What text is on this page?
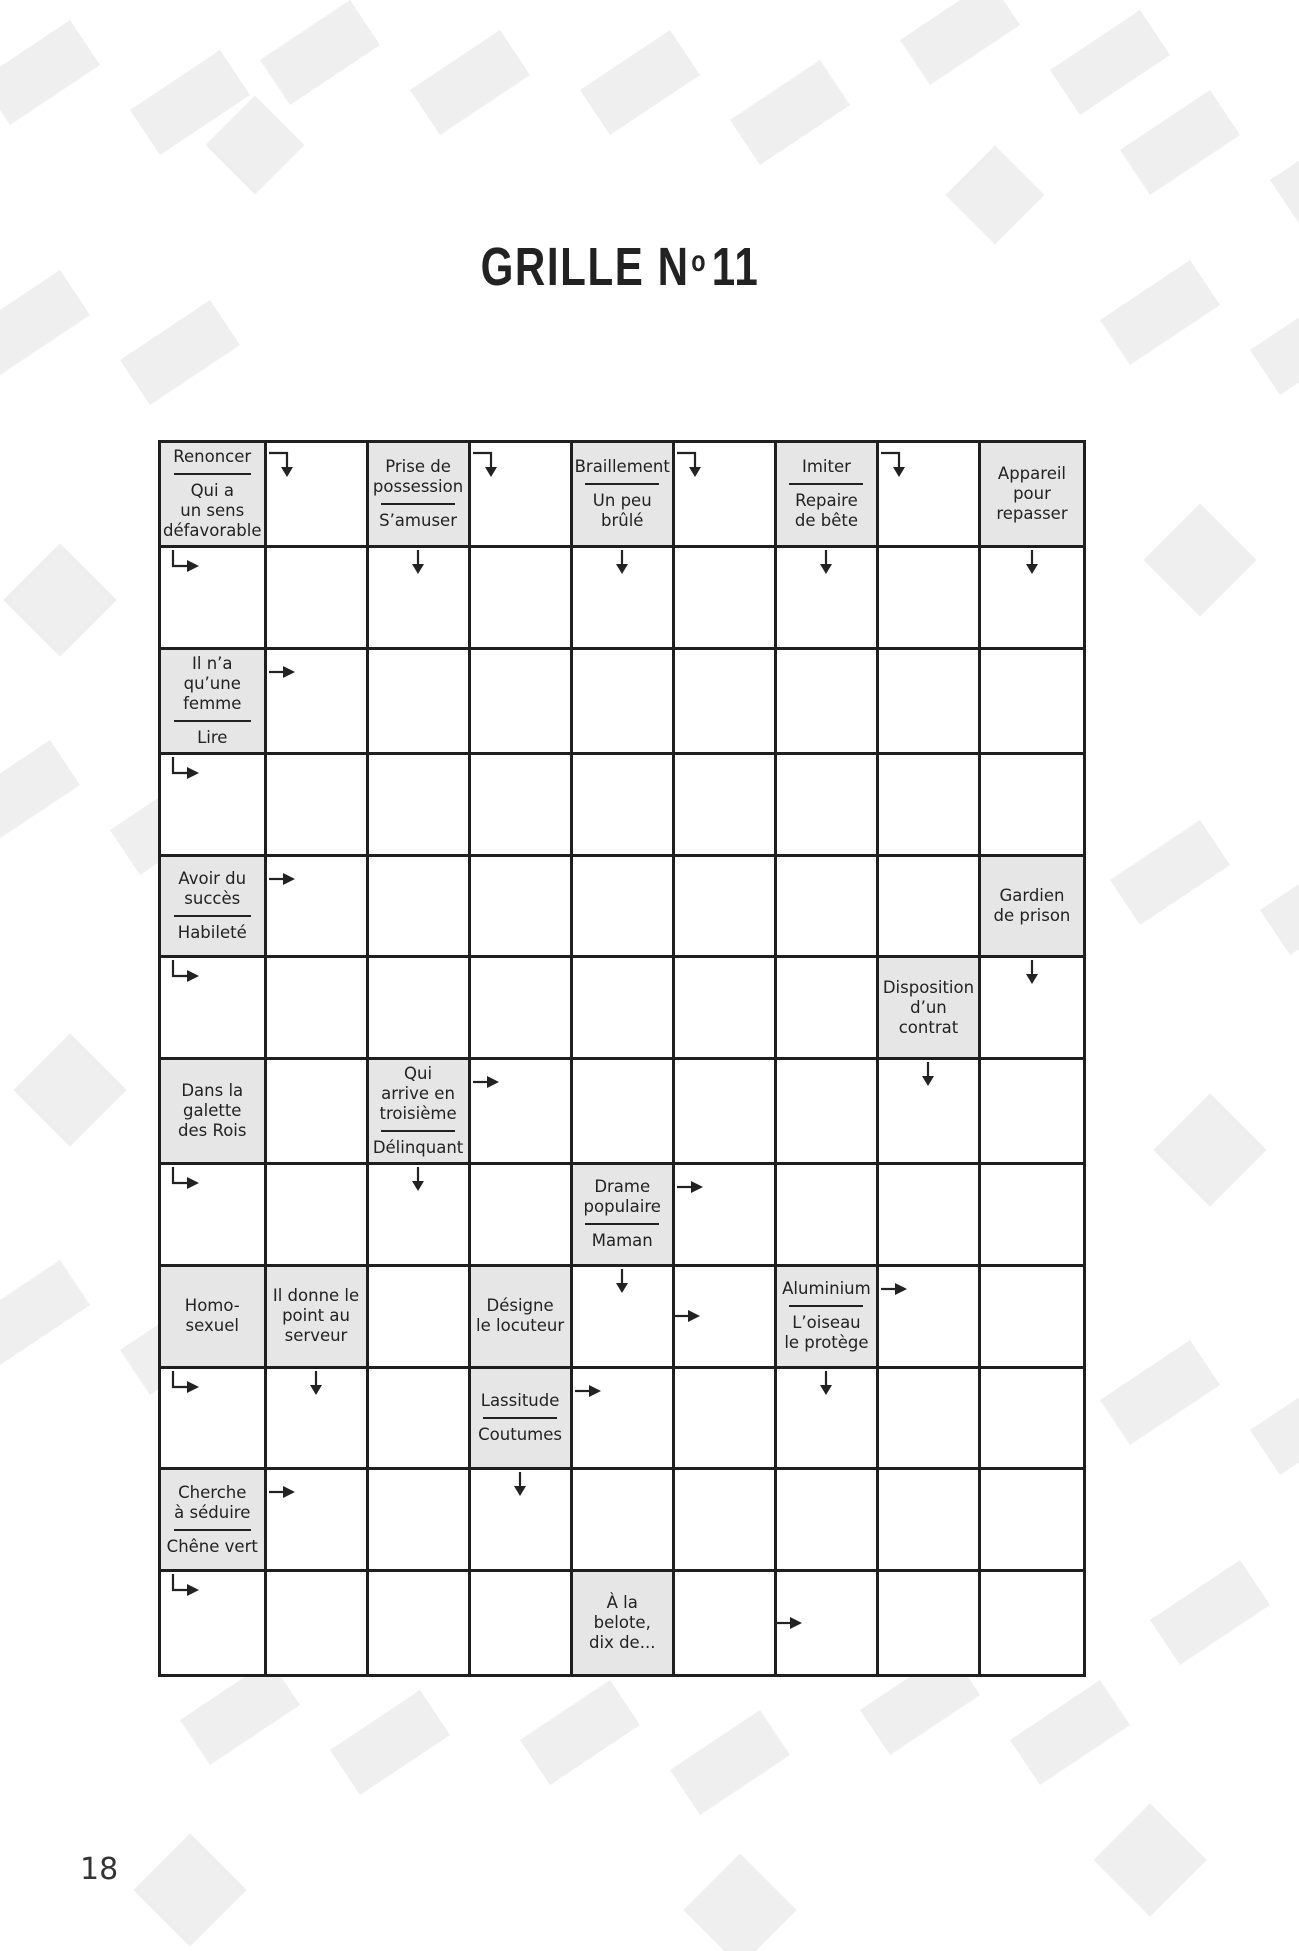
GRILLE $N^o11$
Renoncer
Qui a
un sens
défavorable
Prise de
possession
S’amuser
Braillement
Un peu
brûlé
Imiter
Repaire
de bête
Appareil
pour
repasser
Il n’a
qu’une
femme
Lire
Avoir du
succès
Habileté
Gardien
de prison
Disposition
d’un
contrat
Dans la
galette
des Rois
Qui
arrive en
troisième
Délinquant
Drame
populaire
Maman
Homo-
sexuel
Il donne le
point au
serveur
Désigne
le locuteur
Aluminium
L’oiseau
le protège
Lassitude
Coutumes
Cherche
à séduire
Chêne vert
À la
belote,
dix de...
18
